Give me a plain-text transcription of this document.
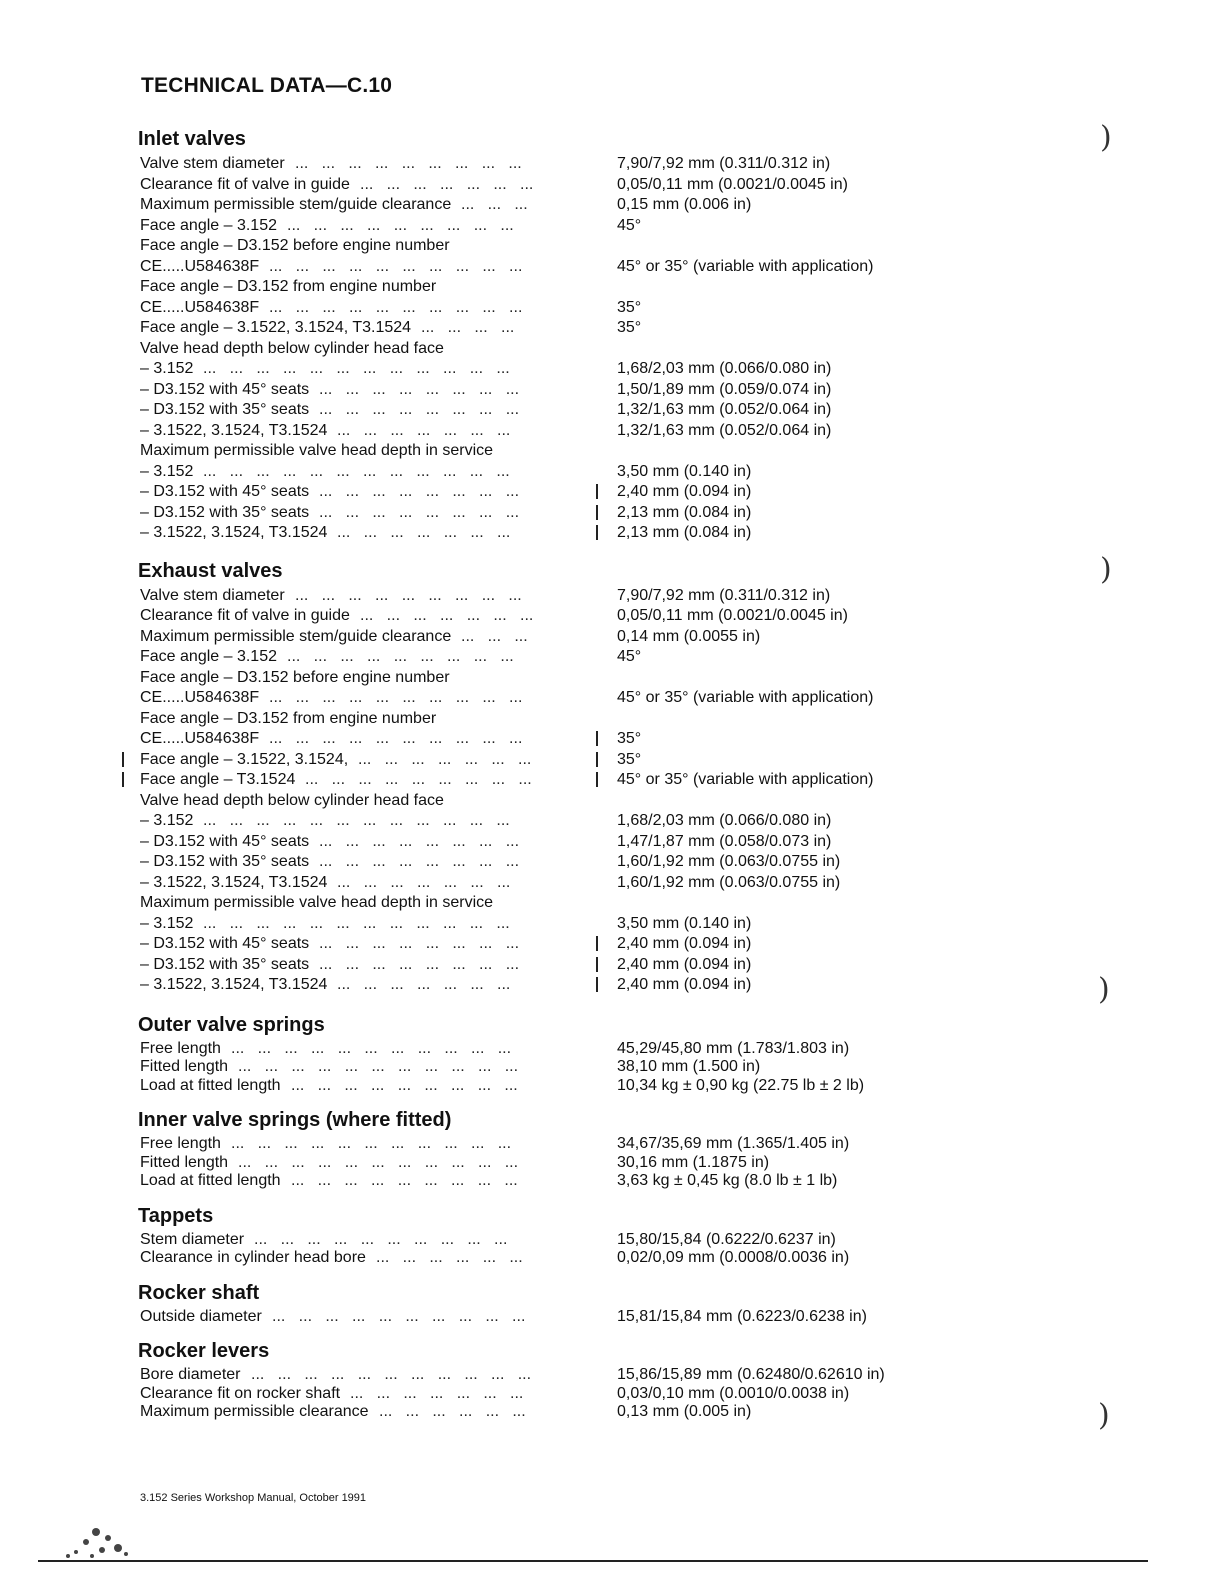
TECHNICAL DATA—C.10
Inlet valves
Valve stem diameter ...   ...   ...   ...   ...   ...   ...   ...   ...	7,90/7,92 mm (0.311/0.312 in)
Clearance fit of valve in guide ...   ...   ...   ...   ...   ...   ...	0,05/0,11 mm (0.0021/0.0045 in)
Maximum permissible stem/guide clearance ...   ...   ...	0,15 mm (0.006 in)
Face angle – 3.152 ...   ...   ...   ...   ...   ...   ...   ...   ...	45°
Face angle – D3.152 before engine number
CE.....U584638F ...   ...   ...   ...   ...   ...   ...   ...   ...   ...	45° or 35° (variable with application)
Face angle – D3.152 from engine number
CE.....U584638F ...   ...   ...   ...   ...   ...   ...   ...   ...   ...	35°
Face angle – 3.1522, 3.1524, T3.1524 ...   ...   ...   ...	35°
Valve head depth below cylinder head face
– 3.152 ...   ...   ...   ...   ...   ...   ...   ...   ...   ...   ...   ...	1,68/2,03 mm (0.066/0.080 in)
– D3.152 with 45° seats ...   ...   ...   ...   ...   ...   ...   ...	1,50/1,89 mm (0.059/0.074 in)
– D3.152 with 35° seats ...   ...   ...   ...   ...   ...   ...   ...	1,32/1,63 mm (0.052/0.064 in)
– 3.1522, 3.1524, T3.1524 ...   ...   ...   ...   ...   ...   ...	1,32/1,63 mm (0.052/0.064 in)
Maximum permissible valve head depth in service
– 3.152 ...   ...   ...   ...   ...   ...   ...   ...   ...   ...   ...   ...	3,50 mm (0.140 in)
– D3.152 with 45° seats ...   ...   ...   ...   ...   ...   ...   ...	2,40 mm (0.094 in)
– D3.152 with 35° seats ...   ...   ...   ...   ...   ...   ...   ...	2,13 mm (0.084 in)
– 3.1522, 3.1524, T3.1524 ...   ...   ...   ...   ...   ...   ...	2,13 mm (0.084 in)
Exhaust valves
Valve stem diameter ...   ...   ...   ...   ...   ...   ...   ...   ...	7,90/7,92 mm (0.311/0.312 in)
Clearance fit of valve in guide ...   ...   ...   ...   ...   ...   ...	0,05/0,11 mm (0.0021/0.0045 in)
Maximum permissible stem/guide clearance ...   ...   ...	0,14 mm (0.0055 in)
Face angle – 3.152 ...   ...   ...   ...   ...   ...   ...   ...   ...	45°
Face angle – D3.152 before engine number
CE.....U584638F ...   ...   ...   ...   ...   ...   ...   ...   ...   ...	45° or 35° (variable with application)
Face angle – D3.152 from engine number
CE.....U584638F ...   ...   ...   ...   ...   ...   ...   ...   ...   ...	35°
Face angle – 3.1522, 3.1524, ...   ...   ...   ...   ...   ...   ...	35°
Face angle – T3.1524 ...   ...   ...   ...   ...   ...   ...   ...   ...	45° or 35° (variable with application)
Valve head depth below cylinder head face
– 3.152 ...   ...   ...   ...   ...   ...   ...   ...   ...   ...   ...   ...	1,68/2,03 mm (0.066/0.080 in)
– D3.152 with 45° seats ...   ...   ...   ...   ...   ...   ...   ...	1,47/1,87 mm (0.058/0.073 in)
– D3.152 with 35° seats ...   ...   ...   ...   ...   ...   ...   ...	1,60/1,92 mm (0.063/0.0755 in)
– 3.1522, 3.1524, T3.1524 ...   ...   ...   ...   ...   ...   ...	1,60/1,92 mm (0.063/0.0755 in)
Maximum permissible valve head depth in service
– 3.152 ...   ...   ...   ...   ...   ...   ...   ...   ...   ...   ...   ...	3,50 mm (0.140 in)
– D3.152 with 45° seats ...   ...   ...   ...   ...   ...   ...   ...	2,40 mm (0.094 in)
– D3.152 with 35° seats ...   ...   ...   ...   ...   ...   ...   ...	2,40 mm (0.094 in)
– 3.1522, 3.1524, T3.1524 ...   ...   ...   ...   ...   ...   ...	2,40 mm (0.094 in)
Outer valve springs
Free length ...   ...   ...   ...   ...   ...   ...   ...   ...   ...   ...	45,29/45,80 mm (1.783/1.803 in)
Fitted length ...   ...   ...   ...   ...   ...   ...   ...   ...   ...   ...	38,10 mm (1.500 in)
Load at fitted length ...   ...   ...   ...   ...   ...   ...   ...   ...	10,34 kg ± 0,90 kg (22.75 lb ± 2 lb)
Inner valve springs (where fitted)
Free length ...   ...   ...   ...   ...   ...   ...   ...   ...   ...   ...	34,67/35,69 mm (1.365/1.405 in)
Fitted length ...   ...   ...   ...   ...   ...   ...   ...   ...   ...   ...	30,16 mm (1.1875 in)
Load at fitted length ...   ...   ...   ...   ...   ...   ...   ...   ...	3,63 kg ± 0,45 kg (8.0 lb ± 1 lb)
Tappets
Stem diameter ...   ...   ...   ...   ...   ...   ...   ...   ...   ...	15,80/15,84 (0.6222/0.6237 in)
Clearance in cylinder head bore ...   ...   ...   ...   ...   ...	0,02/0,09 mm (0.0008/0.0036 in)
Rocker shaft
Outside diameter ...   ...   ...   ...   ...   ...   ...   ...   ...   ...	15,81/15,84 mm (0.6223/0.6238 in)
Rocker levers
Bore diameter ...   ...   ...   ...   ...   ...   ...   ...   ...   ...   ...	15,86/15,89 mm (0.62480/0.62610 in)
Clearance fit on rocker shaft ...   ...   ...   ...   ...   ...   ...	0,03/0,10 mm (0.0010/0.0038 in)
Maximum permissible clearance ...   ...   ...   ...   ...   ...	0,13 mm (0.005 in)
3.152 Series Workshop Manual, October 1991
)
)
)
)
